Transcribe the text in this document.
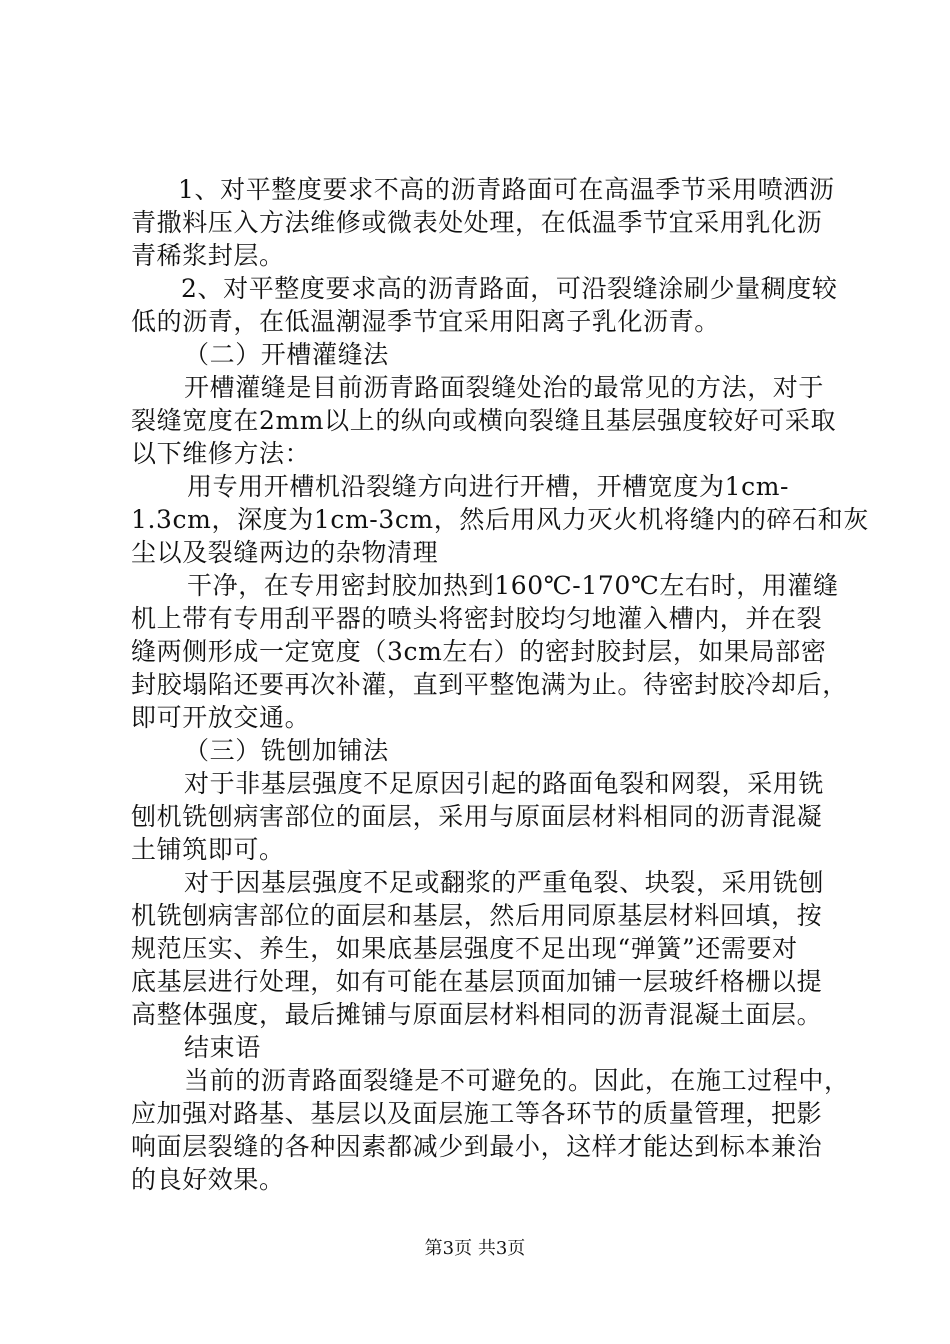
1、对平整度要求不高的沥青路面可在高温季节采用喷洒沥
青撒料压入方法维修或微表处处理，在低温季节宜采用乳化沥
青稀浆封层。
2、对平整度要求高的沥青路面，可沿裂缝涂刷少量稠度较
低的沥青，在低温潮湿季节宜采用阳离子乳化沥青。
（二）开槽灌缝法
开槽灌缝是目前沥青路面裂缝处治的最常见的方法，对于
裂缝宽度在2mm以上的纵向或横向裂缝且基层强度较好可采取
以下维修方法：
用专用开槽机沿裂缝方向进行开槽，开槽宽度为1cm-
1.3cm，深度为1cm-3cm，然后用风力灭火机将缝内的碎石和灰
尘以及裂缝两边的杂物清理
干净，在专用密封胶加热到160℃-170℃左右时，用灌缝
机上带有专用刮平器的喷头将密封胶均匀地灌入槽内，并在裂
缝两侧形成一定宽度（3cm左右）的密封胶封层，如果局部密
封胶塌陷还要再次补灌，直到平整饱满为止。待密封胶冷却后，
即可开放交通。
（三）铣刨加铺法
对于非基层强度不足原因引起的路面龟裂和网裂，采用铣
刨机铣刨病害部位的面层，采用与原面层材料相同的沥青混凝
土铺筑即可。
对于因基层强度不足或翻浆的严重龟裂、块裂，采用铣刨
机铣刨病害部位的面层和基层，然后用同原基层材料回填，按
规范压实、养生，如果底基层强度不足出现“弹簧”还需要对
底基层进行处理，如有可能在基层顶面加铺一层玻纤格栅以提
高整体强度，最后摊铺与原面层材料相同的沥青混凝土面层。
结束语
当前的沥青路面裂缝是不可避免的。因此，在施工过程中，
应加强对路基、基层以及面层施工等各环节的质量管理，把影
响面层裂缝的各种因素都减少到最小，这样才能达到标本兼治
的良好效果。
第3页 共3页
